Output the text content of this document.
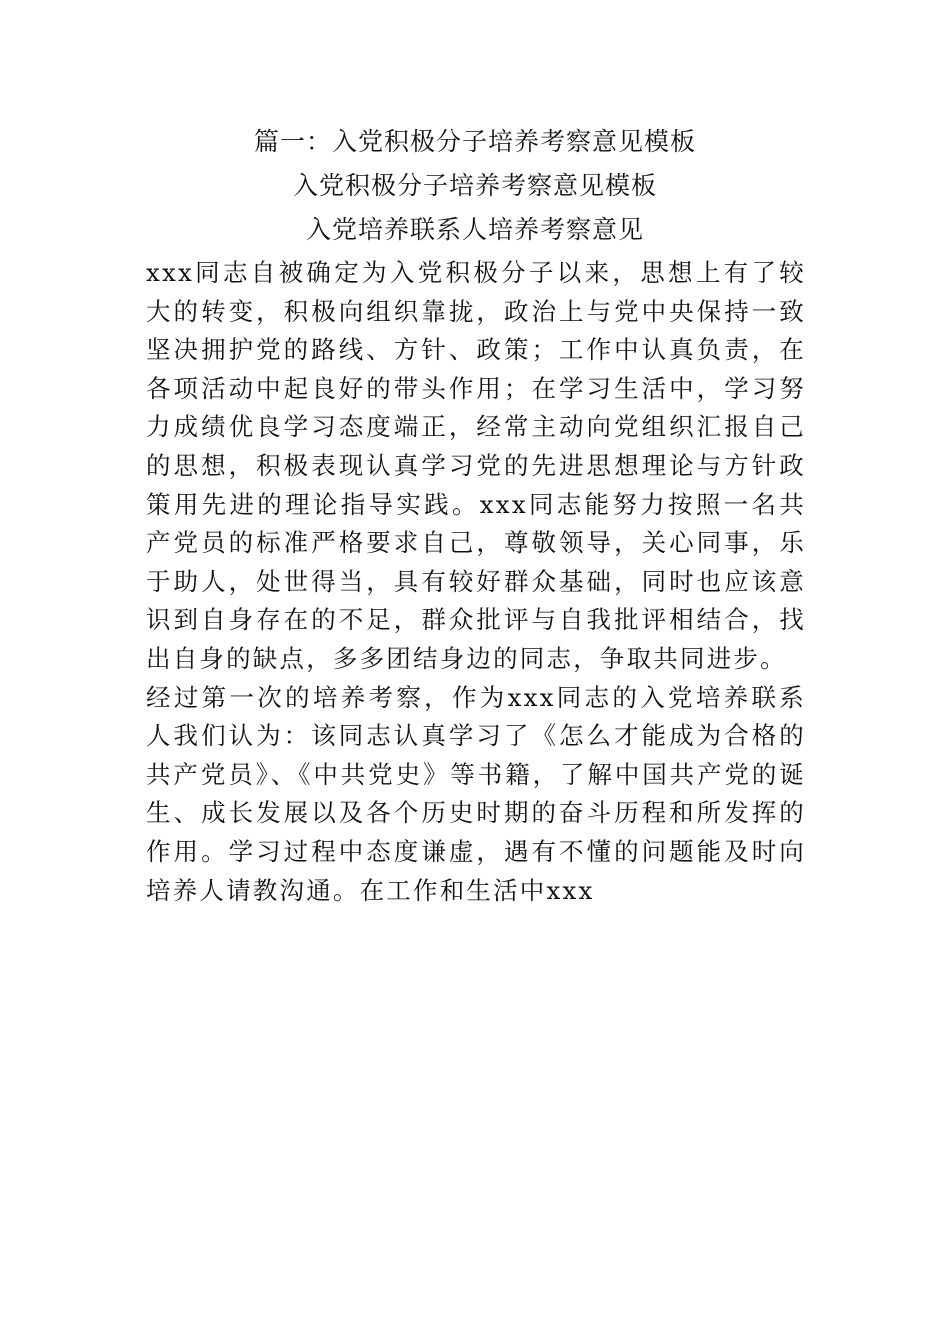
篇一：入党积极分子培养考察意见模板
入党积极分子培养考察意见模板
入党培养联系人培养考察意见

xxx同志自被确定为入党积极分子以来，思想上有了较大的转变，积极向组织靠拢，政治上与党中央保持一致坚决拥护党的路线、方针、政策；工作中认真负责，在各项活动中起良好的带头作用；在学习生活中，学习努力成绩优良学习态度端正，经常主动向党组织汇报自己的思想，积极表现认真学习党的先进思想理论与方针政策用先进的理论指导实践。xxx同志能努力按照一名共产党员的标准严格要求自己，尊敬领导，关心同事，乐于助人，处世得当，具有较好群众基础，同时也应该意识到自身存在的不足，群众批评与自我批评相结合，找出自身的缺点，多多团结身边的同志，争取共同进步。

经过第一次的培养考察，作为xxx同志的入党培养联系人我们认为：该同志认真学习了《怎么才能成为合格的共产党员》、《中共党史》等书籍，了解中国共产党的诞生、成长发展以及各个历史时期的奋斗历程和所发挥的作用。学习过程中态度谦虚，遇有不懂的问题能及时向培养人请教沟通。在工作和生活中xxx
